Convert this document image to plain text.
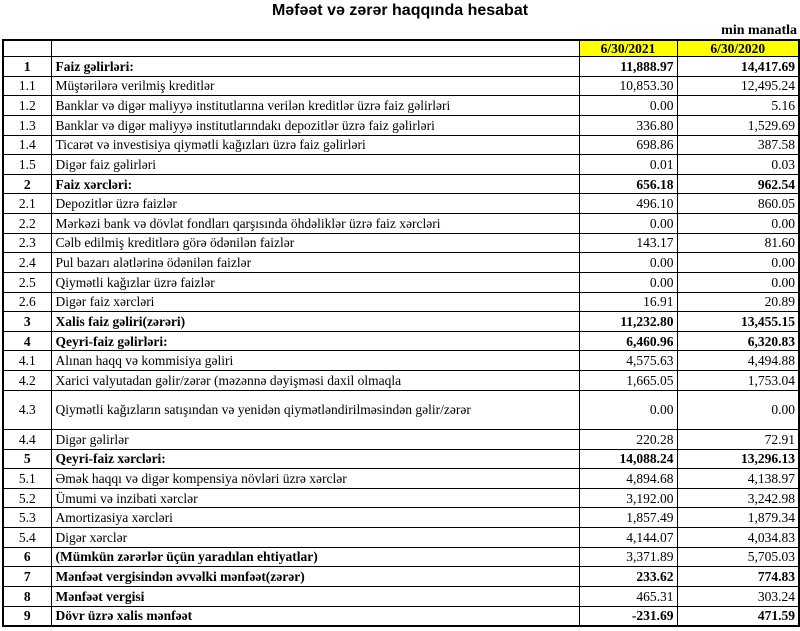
Məfəət və zərər haqqında hesabat
min manatla
		6/30/2021	6/30/2020
1	Faiz gəlirləri:	11,888.97	14,417.69
1.1	Müştərilərə verilmiş kreditlər	10,853.30	12,495.24
1.2	Banklar və digər maliyyə institutlarına verilən kreditlər üzrə faiz gəlirləri	0.00	5.16
1.3	Banklar və digər maliyyə institutlarındakı depozitlər üzrə faiz gəlirləri	336.80	1,529.69
1.4	Ticarət və investisiya qiymətli kağızları üzrə faiz gəlirləri	698.86	387.58
1.5	Digər faiz gəlirləri	0.01	0.03
2	Faiz xərcləri:	656.18	962.54
2.1	Depozitlər üzrə faizlər	496.10	860.05
2.2	Mərkəzi bank və dövlət fondları qarşısında öhdəliklər üzrə faiz xərcləri	0.00	0.00
2.3	Cəlb edilmiş kreditlərə görə ödənilən faizlər	143.17	81.60
2.4	Pul bazarı alətlərinə ödənilən faizlər	0.00	0.00
2.5	Qiymətli kağızlar üzrə faizlər	0.00	0.00
2.6	Digər faiz xərcləri	16.91	20.89
3	Xalis faiz gəliri(zərəri)	11,232.80	13,455.15
4	Qeyri-faiz gəlirləri:	6,460.96	6,320.83
4.1	Alınan haqq və kommisiya gəliri	4,575.63	4,494.88
4.2	Xarici valyutadan gəlir/zərər (məzənnə dəyişməsi daxil olmaqla	1,665.05	1,753.04
4.3	Qiymətli kağızların satışından və yenidən qiymətləndirilməsindən gəlir/zərər	0.00	0.00
4.4	Digər gəlirlər	220.28	72.91
5	Qeyri-faiz xərcləri:	14,088.24	13,296.13
5.1	Əmək haqqı və digər kompensiya növləri üzrə xərclər	4,894.68	4,138.97
5.2	Ümumi və inzibati xərclər	3,192.00	3,242.98
5.3	Amortizasiya xərcləri	1,857.49	1,879.34
5.4	Digər xərclər	4,144.07	4,034.83
6	(Mümkün zərərlər üçün yaradılan ehtiyatlar)	3,371.89	5,705.03
7	Mənfəət vergisindən əvvəlki mənfəət(zərər)	233.62	774.83
8	Mənfəət vergisi	465.31	303.24
9	Dövr üzrə xalis mənfəət	-231.69	471.59
